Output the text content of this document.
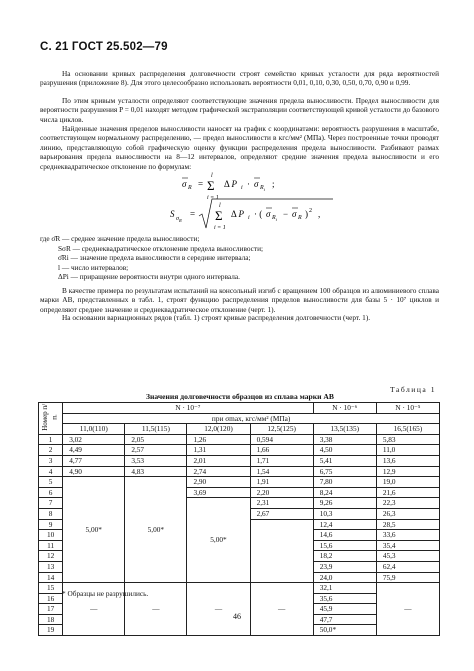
С. 21 ГОСТ 25.502—79
На основании кривых распределения долговечности строят семейство кривых усталости для ряда вероятностей разрушения (приложение 8). Для этого целесообразно использовать вероятности 0,01, 0,10, 0,30, 0,50, 0,70, 0,90 и 0,99.
По этим кривым усталости определяют соответствующие значения предела выносливости. Предел выносливости для вероятности разрушения P = 0,01 находят методом графической экстраполяции соответствующей кривой усталости до базового числа циклов.
Найденные значения пределов выносливости наносят на график с координатами: вероятность разрушения в масштабе, соответствующем нормальному распределению, — предел выносливости в кгс/мм² (МПа). Через построенные точки проводят линию, представляющую собой графическую оценку функции распределения предела выносливости. Разбивают размах варьирования предела выносливости на 8—12 интервалов, определяют средние значения предела выносливости и его среднеквадратическое отклонение по формулам:
σ R =
l
Σ
i = 1
Δ P i · σ $R_i$
;
S $\sigma_R$
=
l
Σ
i = 1
Δ P i · ( σ $R_i$
− σ R ) 2 ,
где σ̄R — среднее значение предела выносливости;
SσR — среднеквадратическое отклонение предела выносливости;
σ̄Ri — значение предела выносливости в середине интервала;
l — число интервалов;
ΔPi — приращение вероятности внутри одного интервала.
В качестве примера по результатам испытаний на консольный изгиб с вращением 100 образцов из алюминиевого сплава марки АВ, представленных в табл. 1, строят функцию распределения пределов выносливости для базы 5 · 10⁷ циклов и определяют среднее значение и среднеквадратическое отклонение (черт. 1).
На основании вариационных рядов (табл. 1) строят кривые распределения долговечности (черт. 1).
Таблица 1
Значения долговечности образцов из сплава марки АВ
Номер п/п.	N · 10⁻⁷				N · 10⁻⁶	N · 10⁻⁵
	при σmax, кгс/мм² (МПа)					
	11,0(110)	11,5(115)	12,0(120)	12,5(125)	13,5(135)	16,5(165)
1	3,02	2,05	1,26	0,594	3,38	5,83
2	4,49	2,57	1,31	1,66	4,50	11,0
3	4,77	3,53	2,01	1,71	5,41	13,6
4	4,90	4,83	2,74	1,54	6,75	12,9
5	5,00*	5,00*	2,90	1,91	7,80	19,0
6			3,69	2,20	8,24	21,6
7			5,00*	2,31	9,26	22,3
8				2,67	10,3	26,3
9					12,4	28,5
10					14,6	33,6
11					15,6	35,4
12					18,2	45,3
13					23,9	62,4
14					24,0	75,9
15	—	—	—	—	32,1	—
16					35,6	
17					45,9	
18					47,7	
19					50,0*	
* Образцы не разрушились.
46
